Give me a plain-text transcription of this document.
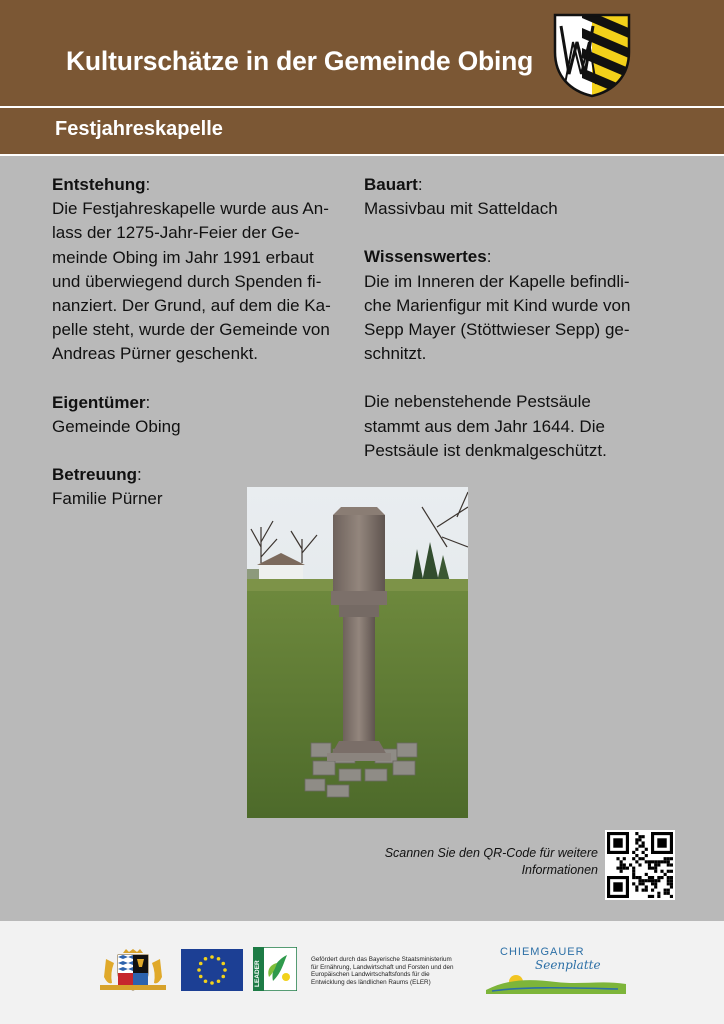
Kulturschätze in der Gemeinde Obing
Festjahreskapelle

Entstehung:

Die Festjahreskapelle wurde aus An-
lass der 1275-Jahr-Feier der Ge-
meinde Obing im Jahr 1991 erbaut
und überwiegend durch Spenden fi-
nanziert. Der Grund, auf dem die Ka-
pelle steht, wurde der Gemeinde von
Andreas Pürner geschenkt.

Eigentümer:

Gemeinde Obing

Betreuung:

Familie Pürner

Bauart:

Massivbau mit Satteldach

Wissenswertes:

Die im Inneren der Kapelle befindli-
che Marienfigur mit Kind wurde von
Sepp Mayer (Stöttwieser Sepp) ge-
schnitzt.
Die nebenstehende Pestsäule
stammt aus dem Jahr 1644. Die
Pestsäule ist denkmalgeschützt.
Scannen Sie den QR-Code für weitere
Informationen
LEADER
Gefördert durch das Bayerische Staatsministerium
für Ernährung, Landwirtschaft und Forsten und den
Europäischen Landwirtschaftsfonds für die
Entwicklung des ländlichen Raums (ELER)
CHIEMGAUER
Seenplatte
